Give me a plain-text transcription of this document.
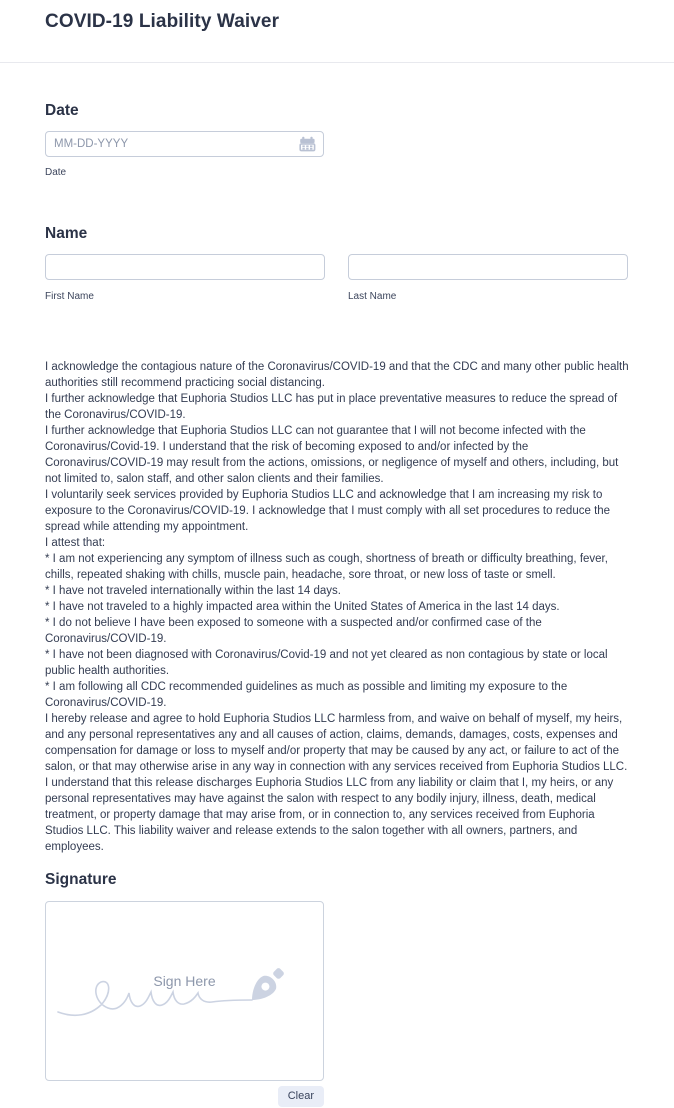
COVID-19 Liability Waiver
Date
MM-DD-YYYY
Date
Name
First Name	Last Name
I acknowledge the contagious nature of the Coronavirus/COVID-19 and that the CDC and many other public health authorities still recommend practicing social distancing.
I further acknowledge that Euphoria Studios LLC has put in place preventative measures to reduce the spread of the Coronavirus/COVID-19.
I further acknowledge that Euphoria Studios LLC can not guarantee that I will not become infected with the Coronavirus/Covid-19. I understand that the risk of becoming exposed to and/or infected by the Coronavirus/COVID-19 may result from the actions, omissions, or negligence of myself and others, including, but not limited to, salon staff, and other salon clients and their families.
I voluntarily seek services provided by Euphoria Studios LLC and acknowledge that I am increasing my risk to exposure to the Coronavirus/COVID-19. I acknowledge that I must comply with all set procedures to reduce the spread while attending my appointment.
I attest that:
* I am not experiencing any symptom of illness such as cough, shortness of breath or difficulty breathing, fever, chills, repeated shaking with chills, muscle pain, headache, sore throat, or new loss of taste or smell.
* I have not traveled internationally within the last 14 days.
* I have not traveled to a highly impacted area within the United States of America in the last 14 days.
* I do not believe I have been exposed to someone with a suspected and/or confirmed case of the Coronavirus/COVID-19.
* I have not been diagnosed with Coronavirus/Covid-19 and not yet cleared as non contagious by state or local public health authorities.
* I am following all CDC recommended guidelines as much as possible and limiting my exposure to the Coronavirus/COVID-19.
I hereby release and agree to hold Euphoria Studios LLC harmless from, and waive on behalf of myself, my heirs, and any personal representatives any and all causes of action, claims, demands, damages, costs, expenses and compensation for damage or loss to myself and/or property that may be caused by any act, or failure to act of the salon, or that may otherwise arise in any way in connection with any services received from Euphoria Studios LLC. I understand that this release discharges Euphoria Studios LLC from any liability or claim that I, my heirs, or any personal representatives may have against the salon with respect to any bodily injury, illness, death, medical treatment, or property damage that may arise from, or in connection to, any services received from Euphoria Studios LLC. This liability waiver and release extends to the salon together with all owners, partners, and employees.
Signature
Sign Here
Clear
